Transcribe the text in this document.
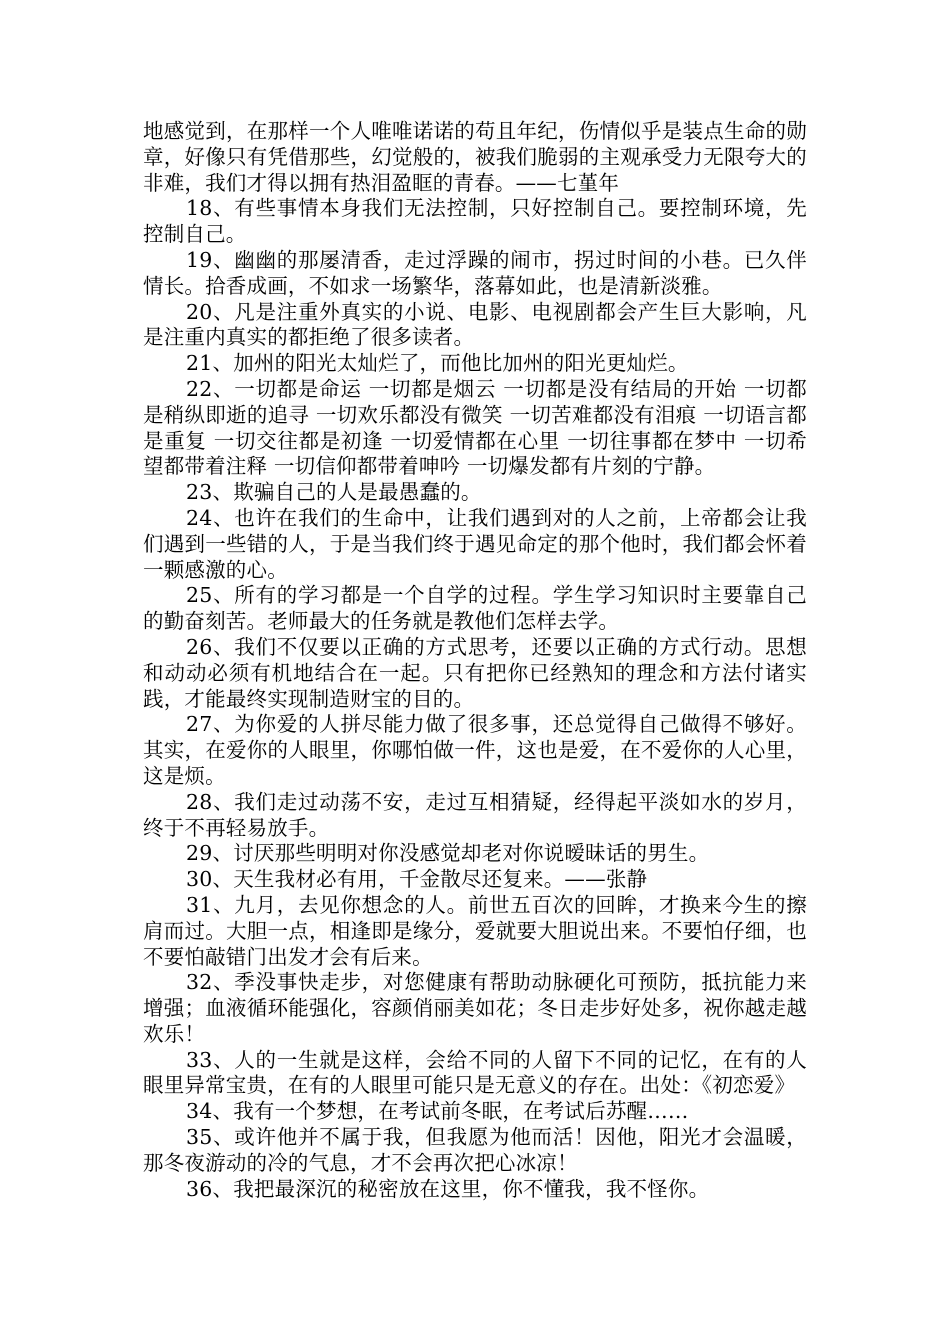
地感觉到，在那样一个人唯唯诺诺的苟且年纪，伤情似乎是装点生命的勋章，好像只有凭借那些，幻觉般的，被我们脆弱的主观承受力无限夸大的非难，我们才得以拥有热泪盈眶的青春。——七堇年

18、有些事情本身我们无法控制，只好控制自己。要控制环境，先控制自己。

19、幽幽的那屡清香，走过浮躁的闹市，拐过时间的小巷。已久伴情长。拾香成画，不如求一场繁华，落幕如此，也是清新淡雅。

20、凡是注重外真实的小说、电影、电视剧都会产生巨大影响，凡是注重内真实的都拒绝了很多读者。

21、加州的阳光太灿烂了，而他比加州的阳光更灿烂。

22、一切都是命运 一切都是烟云 一切都是没有结局的开始 一切都是稍纵即逝的追寻 一切欢乐都没有微笑 一切苦难都没有泪痕 一切语言都是重复 一切交往都是初逢 一切爱情都在心里 一切往事都在梦中 一切希望都带着注释 一切信仰都带着呻吟 一切爆发都有片刻的宁静。

23、欺骗自己的人是最愚蠢的。

24、也许在我们的生命中，让我们遇到对的人之前，上帝都会让我们遇到一些错的人，于是当我们终于遇见命定的那个他时，我们都会怀着一颗感激的心。

25、所有的学习都是一个自学的过程。学生学习知识时主要靠自己的勤奋刻苦。老师最大的任务就是教他们怎样去学。

26、我们不仅要以正确的方式思考，还要以正确的方式行动。思想和动动必须有机地结合在一起。只有把你已经熟知的理念和方法付诸实践，才能最终实现制造财宝的目的。

27、为你爱的人拼尽能力做了很多事，还总觉得自己做得不够好。其实，在爱你的人眼里，你哪怕做一件，这也是爱，在不爱你的人心里，这是烦。

28、我们走过动荡不安，走过互相猜疑，经得起平淡如水的岁月，终于不再轻易放手。

29、讨厌那些明明对你没感觉却老对你说暧昧话的男生。

30、天生我材必有用，千金散尽还复来。——张静

31、九月，去见你想念的人。前世五百次的回眸，才换来今生的擦肩而过。大胆一点，相逢即是缘分，爱就要大胆说出来。不要怕仔细，也不要怕敲错门出发才会有后来。

32、季没事快走步，对您健康有帮助动脉硬化可预防，抵抗能力来增强；血液循环能强化，容颜俏丽美如花；冬日走步好处多，祝你越走越欢乐！

33、人的一生就是这样，会给不同的人留下不同的记忆，在有的人眼里异常宝贵，在有的人眼里可能只是无意义的存在。出处：《初恋爱》

34、我有一个梦想，在考试前冬眠，在考试后苏醒……

35、或许他并不属于我，但我愿为他而活！因他，阳光才会温暖，那冬夜游动的冷的气息，才不会再次把心冰凉！

36、我把最深沉的秘密放在这里，你不懂我，我不怪你。
